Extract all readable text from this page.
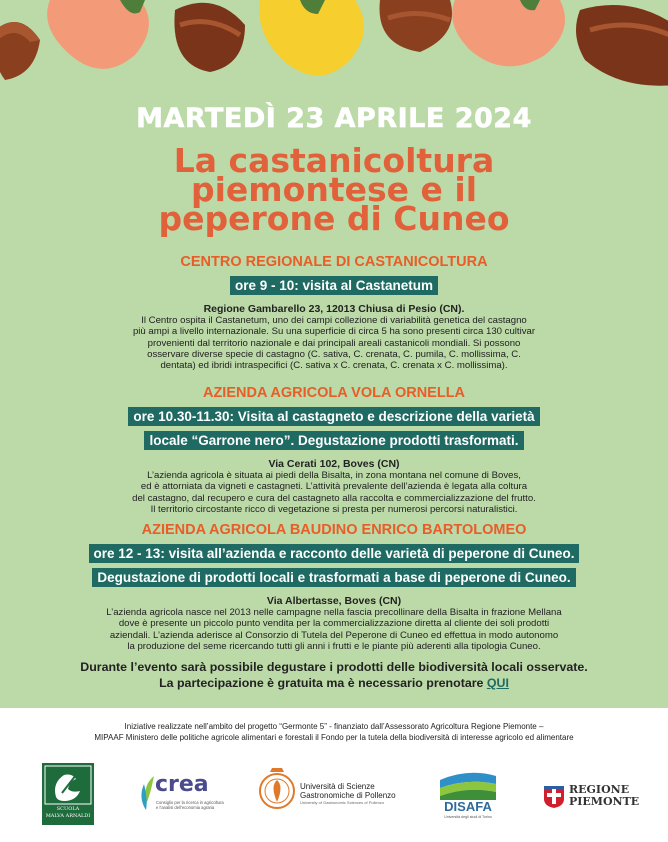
MARTEDÌ 23 APRILE 2024
La castanicoltura
piemontese e il
peperone di Cuneo
CENTRO REGIONALE DI CASTANICOLTURA
ore 9 - 10: visita al Castanetum
Regione Gambarello 23, 12013 Chiusa di Pesio (CN).
Il Centro ospita il Castanetum, uno dei campi collezione di variabilità genetica del castagno
più ampi a livello internazionale. Su una superficie di circa 5 ha sono presenti circa 130 cultivar
provenienti dal territorio nazionale e dai principali areali castanicoli mondiali. Si possono
osservare diverse specie di castagno (C. sativa, C. crenata, C. pumila, C. mollissima, C.
dentata) ed ibridi intraspecifici (C. sativa x C. crenata, C. crenata x C. mollissima).
AZIENDA AGRICOLA VOLA ORNELLA
ore 10.30-11.30: Visita al castagneto e descrizione della varietà
locale “Garrone nero”. Degustazione prodotti trasformati.
Via Cerati 102, Boves (CN)
L’azienda agricola è situata ai piedi della Bisalta, in zona montana nel comune di Boves,
ed è attorniata da vigneti e castagneti. L’attività prevalente dell’azienda è legata alla coltura
del castagno, dal recupero e cura del castagneto alla raccolta e commercializzazione del frutto.
Il territorio circostante ricco di vegetazione si presta per numerosi percorsi naturalistici.
AZIENDA AGRICOLA BAUDINO ENRICO BARTOLOMEO
ore 12 - 13: visita all’azienda e racconto delle varietà di peperone di Cuneo.
Degustazione di prodotti locali e trasformati a base di peperone di Cuneo.
Via Albertasse, Boves (CN)
L’azienda agricola nasce nel 2013 nelle campagne nella fascia precollinare della Bisalta in frazione Mellana
dove è presente un piccolo punto vendita per la commercializzazione diretta al cliente dei soli prodotti
aziendali. L’azienda aderisce al Consorzio di Tutela del Peperone di Cuneo ed effettua in modo autonomo
la produzione del seme ricercando tutti gli anni i frutti e le piante più aderenti alla tipologia Cuneo.
Durante l’evento sarà possibile degustare i prodotti delle biodiversità locali osservate.
La partecipazione è gratuita ma è necessario prenotare QUI
Iniziative realizzate nell’ambito del progetto “Germonte 5” - finanziato dall’Assessorato Agricoltura Regione Piemonte –
MIPAAF Ministero delle politiche agricole alimentari e forestali il Fondo per la tutela della biodiversità di interesse agricolo ed alimentare
SCUOLA
MALVA ARNALDI
crea
Consiglio per la ricerca in agricoltura
e l’analisi dell’economia agraria
Università di Scienze
Gastronomiche di Pollenzo
University of Gastronomic Sciences of Pollenzo	DISAFA
Università degli studi di Torino
REGIONE
PIEMONTE
